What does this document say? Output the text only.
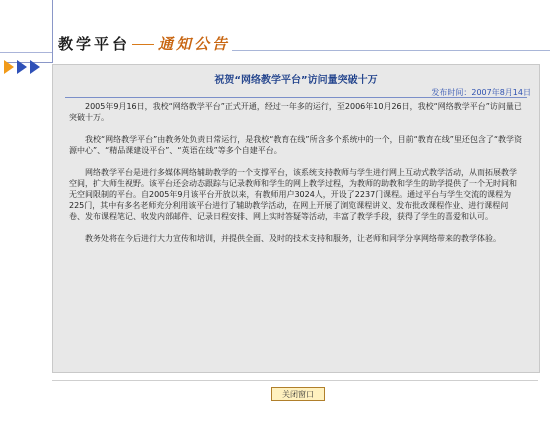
教学平台 通知公告
祝贺“网络教学平台”访问量突破十万
发布时间：2007年8月14日

2005年9月16日，我校“网络教学平台”正式开通，经过一年多的运行，至2006年10月26日，我校“网络教学平台”访问量已突破十万。

我校“网络教学平台”由教务处负责日常运行，是我校“教育在线”所含多个系统中的一个，目前“教育在线”里还包含了“教学资源中心”、“精品课建设平台”、“英语在线”等多个自建平台。

网络教学平台是进行多媒体网络辅助教学的一个支撑平台，该系统支持教师与学生进行网上互动式教学活动，从而拓展教学空间，扩大师生视野。该平台还会动态跟踪与记录教师和学生的网上教学过程，为教师的助教和学生的助学提供了一个无时间和无空间限制的平台。自2005年9月该平台开放以来，有教师用户3024人，开设了2237门课程。通过平台与学生交流的课程为225门，其中有多名老师充分利用该平台进行了辅助教学活动，在网上开展了浏览课程讲义、发布批改课程作业、进行课程问卷、发布课程笔记、收发内部邮件、记录日程安排、网上实时答疑等活动，丰富了教学手段，获得了学生的喜爱和认可。

教务处将在今后进行大力宣传和培训，并提供全面、及时的技术支持和服务，让老师和同学分享网络带来的教学体验。

关闭窗口
